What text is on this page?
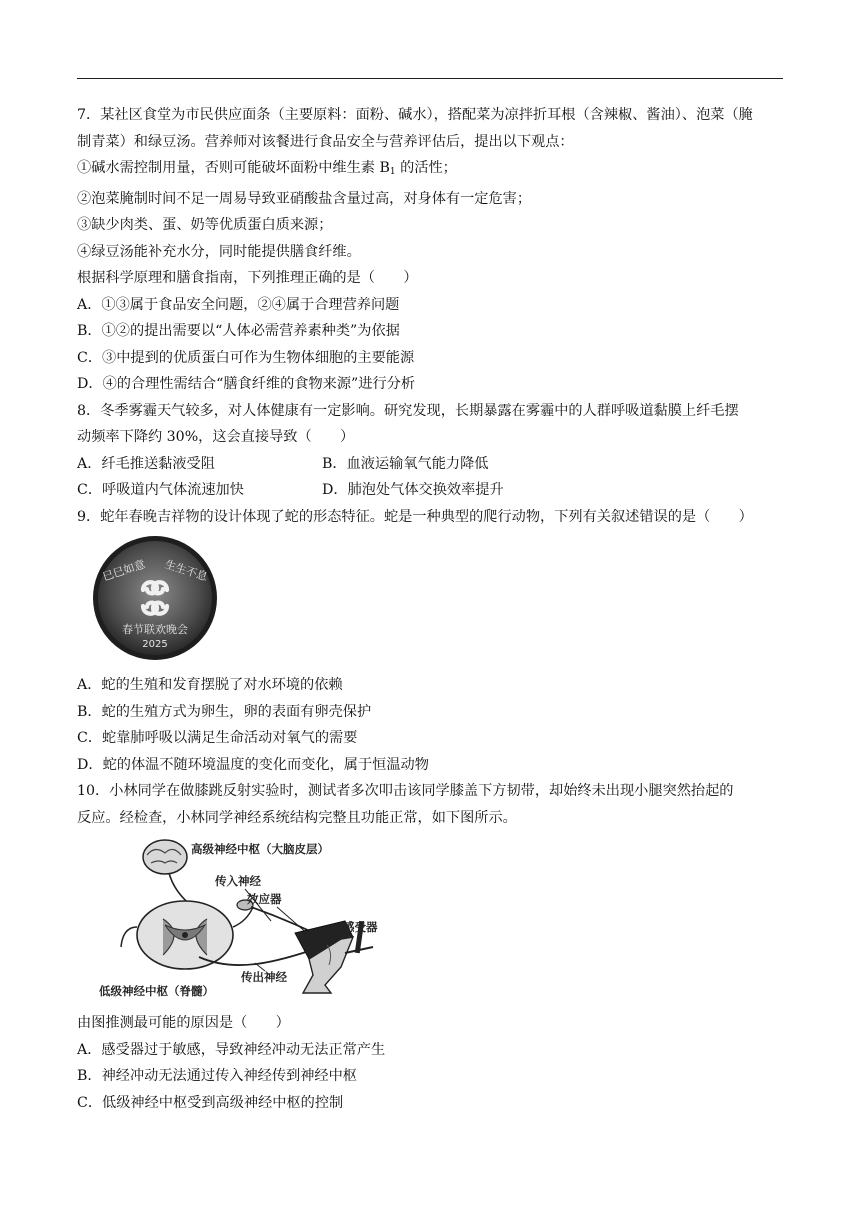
7．某社区食堂为市民供应面条（主要原料：面粉、碱水），搭配菜为凉拌折耳根（含辣椒、酱油）、泡菜（腌
制青菜）和绿豆汤。营养师对该餐进行食品安全与营养评估后，提出以下观点：
①碱水需控制用量，否则可能破坏面粉中维生素 $B_1$ 的活性；
②泡菜腌制时间不足一周易导致亚硝酸盐含量过高，对身体有一定危害；
③缺少肉类、蛋、奶等优质蛋白质来源；
④绿豆汤能补充水分，同时能提供膳食纤维。
根据科学原理和膳食指南，下列推理正确的是（　　）
A．①③属于食品安全问题，②④属于合理营养问题
B．①②的提出需要以“人体必需营养素种类”为依据
C．③中提到的优质蛋白可作为生物体细胞的主要能源
D．④的合理性需结合“膳食纤维的食物来源”进行分析
8．冬季雾霾天气较多，对人体健康有一定影响。研究发现，长期暴露在雾霾中的人群呼吸道黏膜上纤毛摆
动频率下降约 30%，这会直接导致（　　）
A．纤毛推送黏液受阻	B．血液运输氧气能力降低
C．呼吸道内气体流速加快	D．肺泡处气体交换效率提升
9．蛇年春晚吉祥物的设计体现了蛇的形态特征。蛇是一种典型的爬行动物，下列有关叙述错误的是（　　）
巳巳如意 生生不息
春节联欢晚会
2025
A．蛇的生殖和发育摆脱了对水环境的依赖
B．蛇的生殖方式为卵生，卵的表面有卵壳保护
C．蛇靠肺呼吸以满足生命活动对氧气的需要
D．蛇的体温不随环境温度的变化而变化，属于恒温动物
10．小林同学在做膝跳反射实验时，测试者多次叩击该同学膝盖下方韧带，却始终未出现小腿突然抬起的
反应。经检查，小林同学神经系统结构完整且功能正常，如下图所示。
高级神经中枢（大脑皮层）
传入神经
效应器
感受器
传出神经
低级神经中枢（脊髓）
由图推测最可能的原因是（　　）
A．感受器过于敏感，导致神经冲动无法正常产生
B．神经冲动无法通过传入神经传到神经中枢
C．低级神经中枢受到高级神经中枢的控制
